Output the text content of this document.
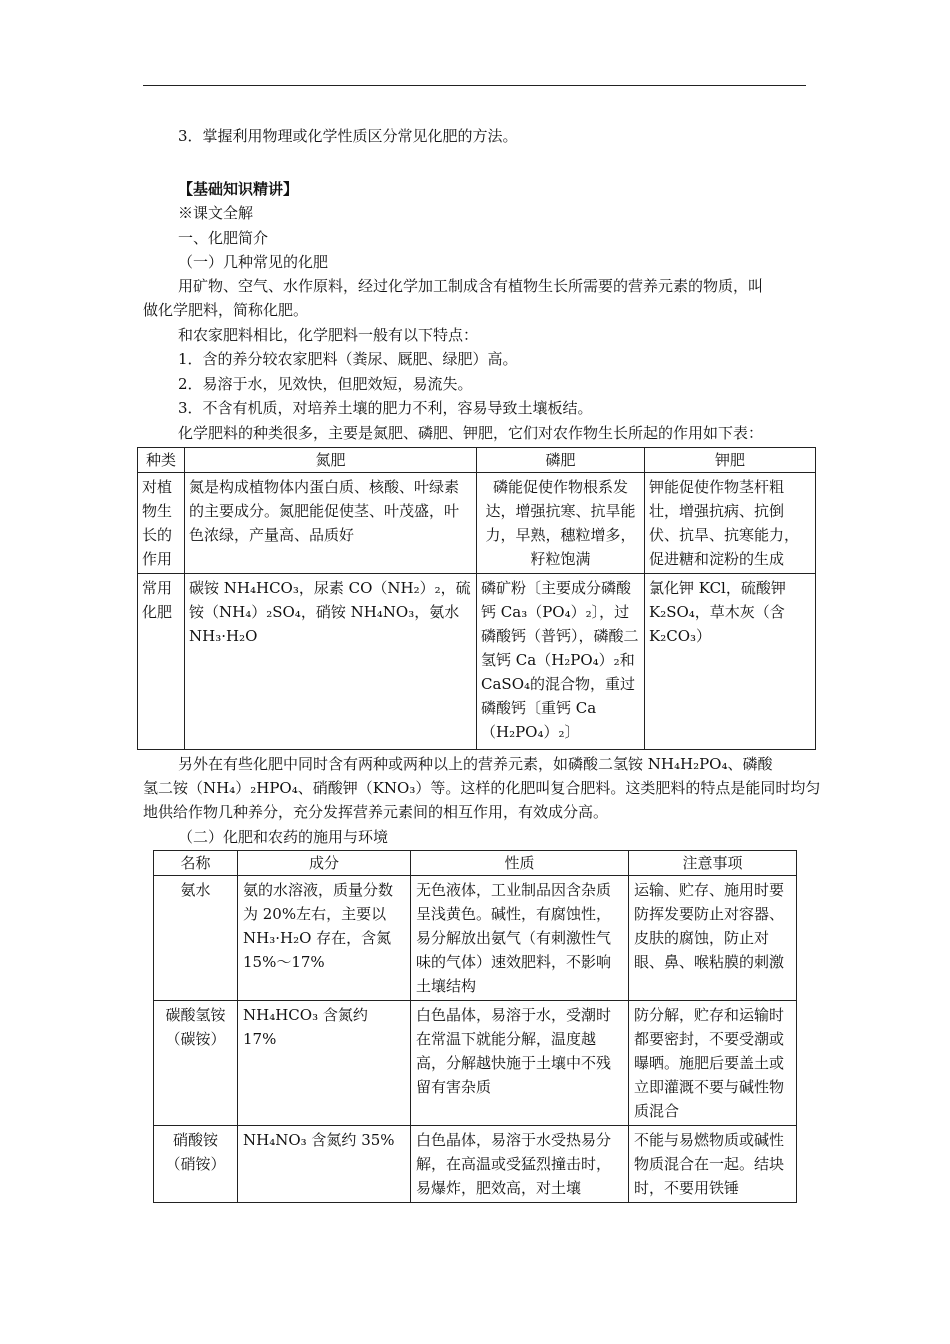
3．掌握利用物理或化学性质区分常见化肥的方法。
【基础知识精讲】
※课文全解
一、化肥简介
（一）几种常见的化肥
用矿物、空气、水作原料，经过化学加工制成含有植物生长所需要的营养元素的物质，叫
做化学肥料，简称化肥。
和农家肥料相比，化学肥料一般有以下特点：
1．含的养分较农家肥料（粪尿、厩肥、绿肥）高。
2．易溶于水，见效快，但肥效短，易流失。
3．不含有机质，对培养土壤的肥力不利，容易导致土壤板结。
化学肥料的种类很多，主要是氮肥、磷肥、钾肥，它们对农作物生长所起的作用如下表：
种类	氮肥	磷肥	钾肥
对植物生长的作用	氮是构成植物体内蛋白质、核酸、叶绿素的主要成分。氮肥能促使茎、叶茂盛，叶色浓绿，产量高、品质好	磷能促使作物根系发达，增强抗寒、抗旱能力，早熟，穗粒增多，籽粒饱满	钾能促使作物茎杆粗壮，增强抗病、抗倒伏、抗旱、抗寒能力，促进糖和淀粉的生成
常用化肥	碳铵 NH₄HCO₃，尿素 CO（NH₂）₂，硫铵（NH₄）₂SO₄，硝铵 NH₄NO₃，氨水 NH₃·H₂O	磷矿粉〔主要成分磷酸钙 Ca₃（PO₄）₂〕，过磷酸钙（普钙），磷酸二氢钙 Ca（H₂PO₄）₂和 CaSO₄的混合物，重过磷酸钙〔重钙 Ca（H₂PO₄）₂〕	氯化钾 KCl，硫酸钾 K₂SO₄，草木灰（含 K₂CO₃）
另外在有些化肥中同时含有两种或两种以上的营养元素，如磷酸二氢铵 NH₄H₂PO₄、磷酸
氢二铵（NH₄）₂HPO₄、硝酸钾（KNO₃）等。这样的化肥叫复合肥料。这类肥料的特点是能同时均匀
地供给作物几种养分，充分发挥营养元素间的相互作用，有效成分高。
（二）化肥和农药的施用与环境
名称	成分	性质	注意事项
氨水	氨的水溶液，质量分数为 20%左右，主要以 NH₃·H₂O 存在，含氮 15%～17%	无色液体，工业制品因含杂质呈浅黄色。碱性，有腐蚀性，易分解放出氨气（有刺激性气味的气体）速效肥料，不影响土壤结构	运输、贮存、施用时要防挥发要防止对容器、皮肤的腐蚀，防止对眼、鼻、喉粘膜的刺激
碳酸氢铵（碳铵）	NH₄HCO₃ 含氮约 17%	白色晶体，易溶于水，受潮时在常温下就能分解，温度越高，分解越快施于土壤中不残留有害杂质	防分解，贮存和运输时都要密封，不要受潮或曝晒。施肥后要盖土或立即灌溉不要与碱性物质混合
硝酸铵（硝铵）	NH₄NO₃ 含氮约 35%	白色晶体，易溶于水受热易分解，在高温或受猛烈撞击时，易爆炸，肥效高，对土壤	不能与易燃物质或碱性物质混合在一起。结块时，不要用铁锤
